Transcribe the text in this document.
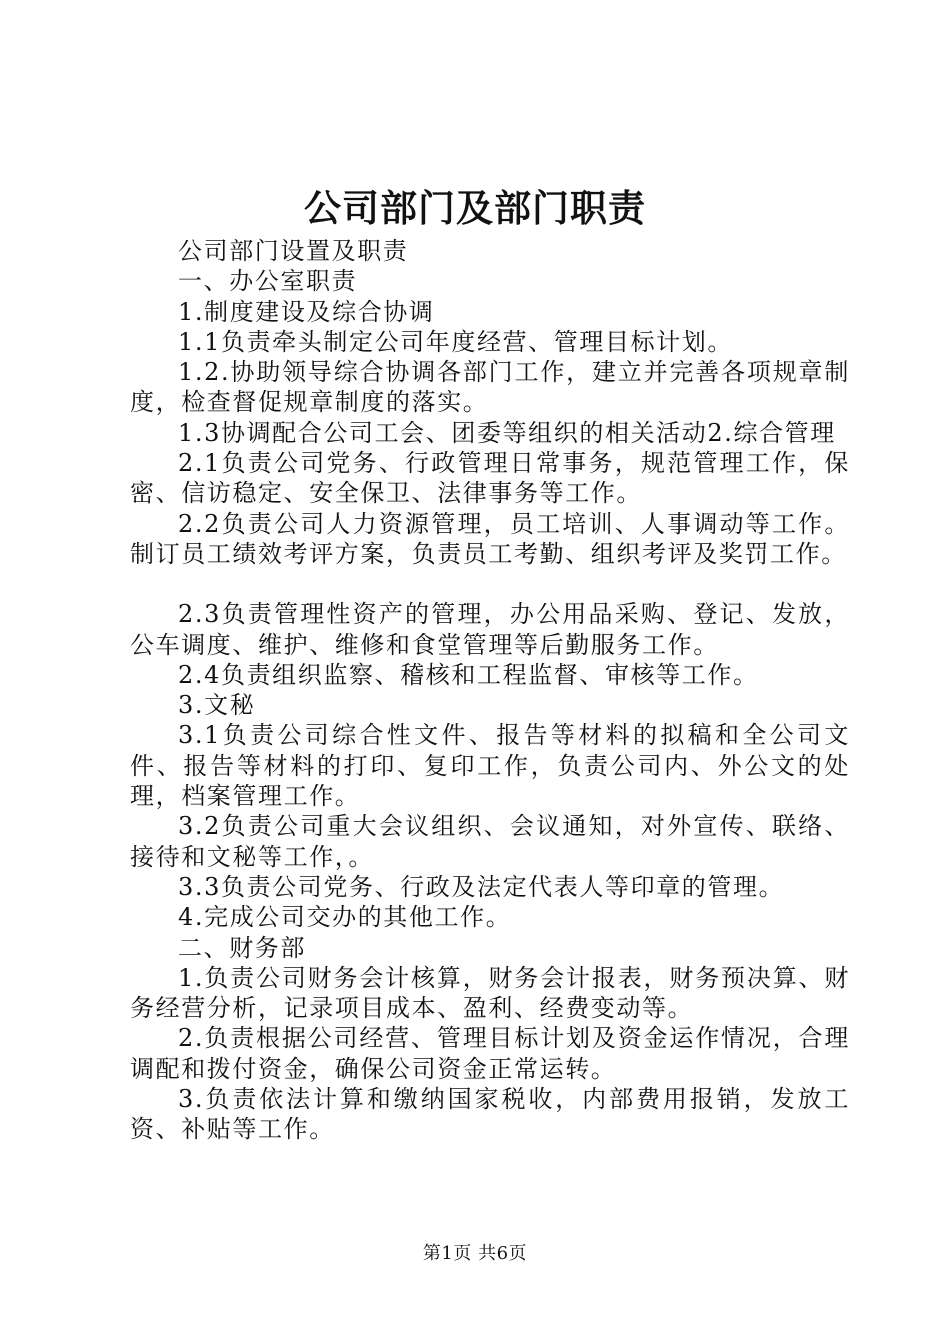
公司部门及部门职责

公司部门设置及职责

一、办公室职责

1.制度建设及综合协调

1.1负责牵头制定公司年度经营、管理目标计划。

1.2.协助领导综合协调各部门工作，建立并完善各项规章制度，检查督促规章制度的落实。

1.3协调配合公司工会、团委等组织的相关活动2.综合管理

2.1负责公司党务、行政管理日常事务，规范管理工作，保密、信访稳定、安全保卫、法律事务等工作。

2.2负责公司人力资源管理，员工培训、人事调动等工作。制订员工绩效考评方案，负责员工考勤、组织考评及奖罚工作。

2.3负责管理性资产的管理，办公用品采购、登记、发放，公车调度、维护、维修和食堂管理等后勤服务工作。

2.4负责组织监察、稽核和工程监督、审核等工作。

3.文秘

3.1负责公司综合性文件、报告等材料的拟稿和全公司文件、报告等材料的打印、复印工作，负责公司内、外公文的处理，档案管理工作。

3.2负责公司重大会议组织、会议通知，对外宣传、联络、接待和文秘等工作，。

3.3负责公司党务、行政及法定代表人等印章的管理。

4.完成公司交办的其他工作。

二、财务部

1.负责公司财务会计核算，财务会计报表，财务预决算、财务经营分析，记录项目成本、盈利、经费变动等。

2.负责根据公司经营、管理目标计划及资金运作情况，合理调配和拨付资金，确保公司资金正常运转。

3.负责依法计算和缴纳国家税收，内部费用报销，发放工资、补贴等工作。

第1页 共6页
